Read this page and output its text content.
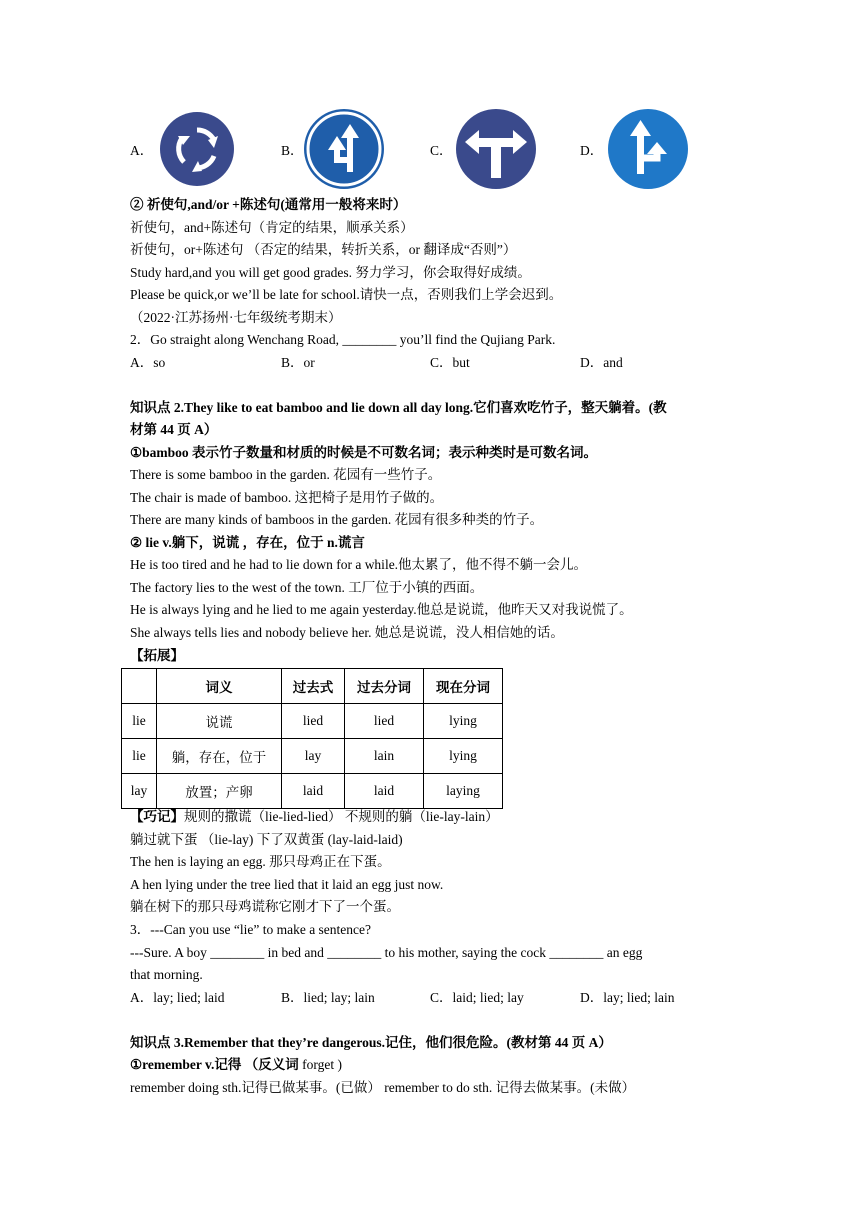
A．	B．	C．	D．
② 祈使句,and/or +陈述句(通常用一般将来时）
祈使句，and+陈述句（肯定的结果，顺承关系）
祈使句，or+陈述句 （否定的结果，转折关系，or 翻译成“否则”）
Study hard,and you will get good grades. 努力学习，你会取得好成绩。
Please be quick,or we’ll be late for school.请快一点，否则我们上学会迟到。
（2022·江苏扬州·七年级统考期末）
2．Go straight along Wenchang Road, ________ you’ll find the Qujiang Park.
A．so	B．or	C．but	D．and
知识点 2.They like to eat bamboo and lie down all day long.它们喜欢吃竹子，整天躺着。(教
材第 44 页 A）
①bamboo 表示竹子数量和材质的时候是不可数名词；表示种类时是可数名词。
There is some bamboo in the garden. 花园有一些竹子。
The chair is made of bamboo. 这把椅子是用竹子做的。
There are many kinds of bamboos in the garden. 花园有很多种类的竹子。
② lie v.躺下，说谎 ，存在，位于 n.谎言
He is too tired and he had to lie down for a while.他太累了，他不得不躺一会儿。
The factory lies to the west of the town. 工厂位于小镇的西面。
He is always lying and he lied to me again yesterday.他总是说谎，他昨天又对我说慌了。
She always tells lies and nobody believe her. 她总是说谎，没人相信她的话。
【拓展】
	词义	过去式	过去分词	现在分词
lie	说谎	lied	lied	lying
lie	躺，存在，位于	lay	lain	lying
lay	放置；产卵	laid	laid	laying
【巧记】规则的撒谎（lie-lied-lied） 不规则的躺（lie-lay-lain）
躺过就下蛋 （lie-lay) 下了双黄蛋 (lay-laid-laid)
The hen is laying an egg. 那只母鸡正在下蛋。
A hen lying under the tree lied that it laid an egg just now.
躺在树下的那只母鸡谎称它刚才下了一个蛋。
3．---Can you use “lie” to make a sentence?
---Sure. A boy ________ in bed and ________ to his mother, saying the cock ________ an egg
that morning.
A．lay; lied; laid	B．lied; lay; lain	C．laid; lied; lay	D．lay; lied; lain
知识点 3.Remember that they’re dangerous.记住，他们很危险。(教材第 44 页 A）
①remember v.记得 （反义词 forget )
remember doing sth.记得已做某事。(已做） remember to do sth. 记得去做某事。(未做）
